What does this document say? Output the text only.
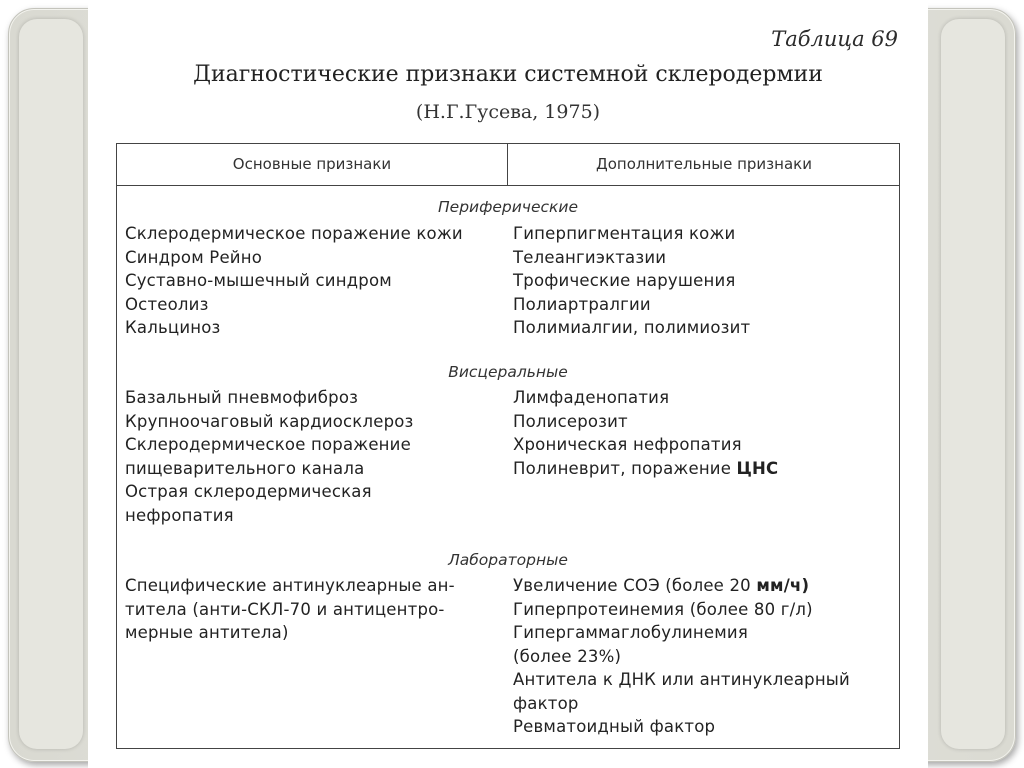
Таблица 69
Диагностические признаки системной склеродермии
(Н.Г.Гусева, 1975)
Основные признаки	Дополнительные признаки
Периферические
Склеродермическое поражение кожи
Синдром Рейно
Суставно-мышечный синдром
Остеолиз
Кальциноз
Гиперпигментация кожи
Телеангиэктазии
Трофические нарушения
Полиартралгии
Полимиалгии, полимиозит
Висцеральные
Базальный пневмофиброз
Крупноочаговый кардиосклероз
Склеродермическое поражение
пищеварительного канала
Острая склеродермическая
нефропатия
Лимфаденопатия
Полисерозит
Хроническая нефропатия
Полиневрит, поражение ЦНС
Лабораторные
Специфические антинуклеарные ан-
титела (анти-СКЛ-70 и антицентро-
мерные антитела)
Увеличение СОЭ (более 20 мм/ч)
Гиперпротеинемия (более 80 г/л)
Гипергаммаглобулинемия
(более 23%)
Антитела к ДНК или антинуклеарный
фактор
Ревматоидный фактор
